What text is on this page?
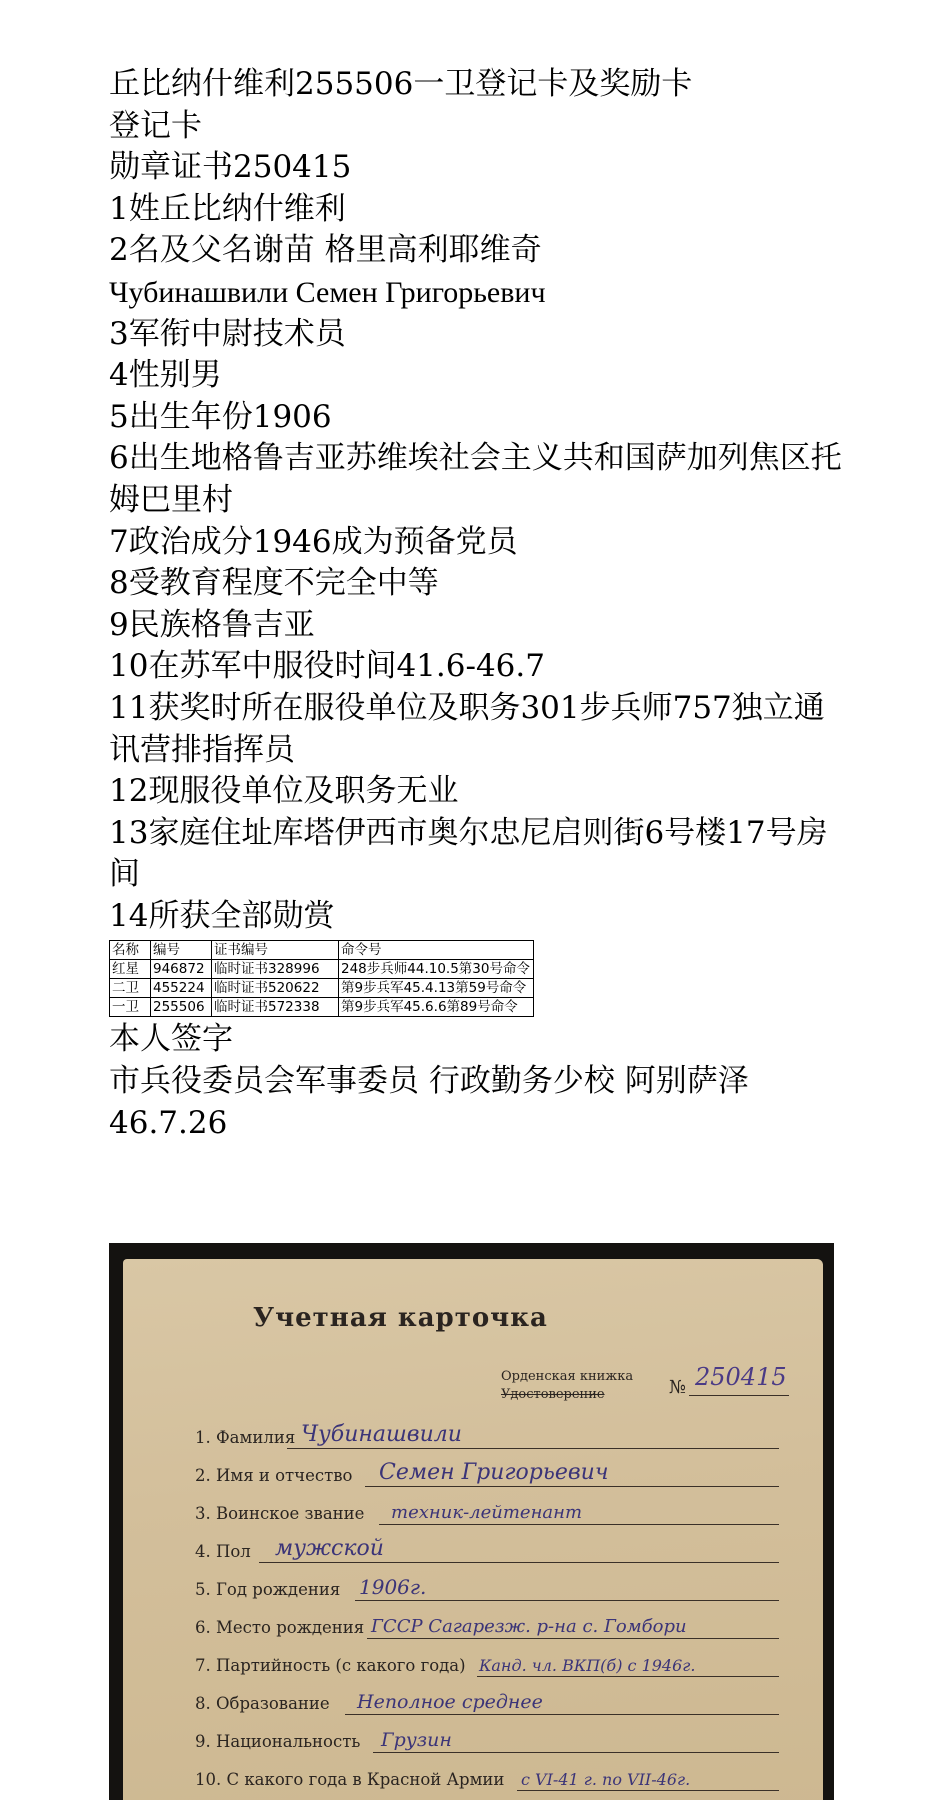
丘比纳什维利255506一卫登记卡及奖励卡
登记卡
勋章证书250415
1姓丘比纳什维利
2名及父名谢苗 格里高利耶维奇
Чубинашвили Семен Григорьевич
3军衔中尉技术员
4性别男
5出生年份1906
6出生地格鲁吉亚苏维埃社会主义共和国萨加列焦区托姆巴里村
7政治成分1946成为预备党员
8受教育程度不完全中等
9民族格鲁吉亚
10在苏军中服役时间41.6-46.7
11获奖时所在服役单位及职务301步兵师757独立通讯营排指挥员
12现服役单位及职务无业
13家庭住址库塔伊西市奥尔忠尼启则街6号楼17号房间
14所获全部勋赏
名称	编号	证书编号	命令号
红星	946872	临时证书328996	248步兵师44.10.5第30号命令
二卫	455224	临时证书520622	第9步兵军45.4.13第59号命令
一卫	255506	临时证书572338	第9步兵军45.6.6第89号命令
本人签字
市兵役委员会军事委员 行政勤务少校 阿别萨泽
46.7.26
Учетная карточка
Орденская книжка
Удостоверение	№ 250415
1. Фамилия Чубинашвили
2. Имя и отчество Семен Григорьевич
3. Воинское звание техник-лейтенант
4. Пол мужской
5. Год рождения 1906г.
6. Место рождения ГССР Сагарезж. р-на с. Гомбори
7. Партийность (с какого года) Канд. чл. ВКП(б) с 1946г.
8. Образование Неполное среднее
9. Национальность Грузин
10. С какого года в Красной Армии с VI-41 г. по VII-46г.
